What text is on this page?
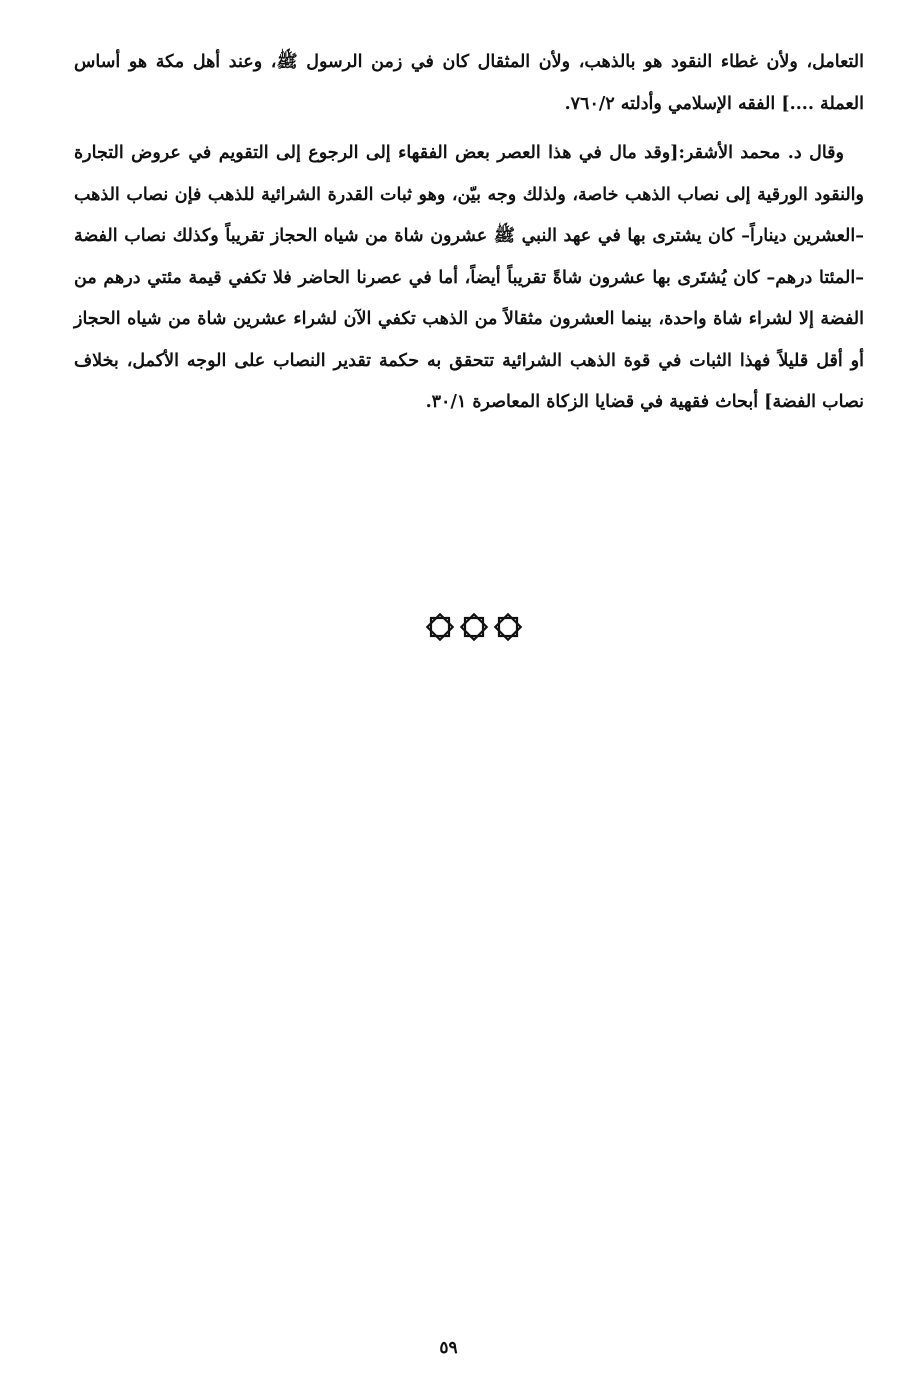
التعامل، ولأن غطاء النقود هو بالذهب، ولأن المثقال كان في زمن الرسول ﷺ، وعند أهل مكة هو أساس العملة ....] الفقه الإسلامي وأدلته ٧٦٠/٢.

وقال د. محمد الأشقر:[وقد مال في هذا العصر بعض الفقهاء إلى الرجوع إلى التقويم في عروض التجارة والنقود الورقية إلى نصاب الذهب خاصة، ولذلك وجه بيّن، وهو ثبات القدرة الشرائية للذهب فإن نصاب الذهب –العشرين ديناراً– كان يشترى بها في عهد النبي ﷺ عشرون شاة من شياه الحجاز تقريباً وكذلك نصاب الفضة –المئتا درهم– كان يُشتَرى بها عشرون شاةً تقريباً أيضاً، أما في عصرنا الحاضر فلا تكفي قيمة مئتي درهم من الفضة إلا لشراء شاة واحدة، بينما العشرون مثقالاً من الذهب تكفي الآن لشراء عشرين شاة من شياه الحجاز أو أقل قليلاً فهذا الثبات في قوة الذهب الشرائية تتحقق به حكمة تقدير النصاب على الوجه الأكمل، بخلاف نصاب الفضة] أبحاث فقهية في قضايا الزكاة المعاصرة ٣٠/١.

٥٩
